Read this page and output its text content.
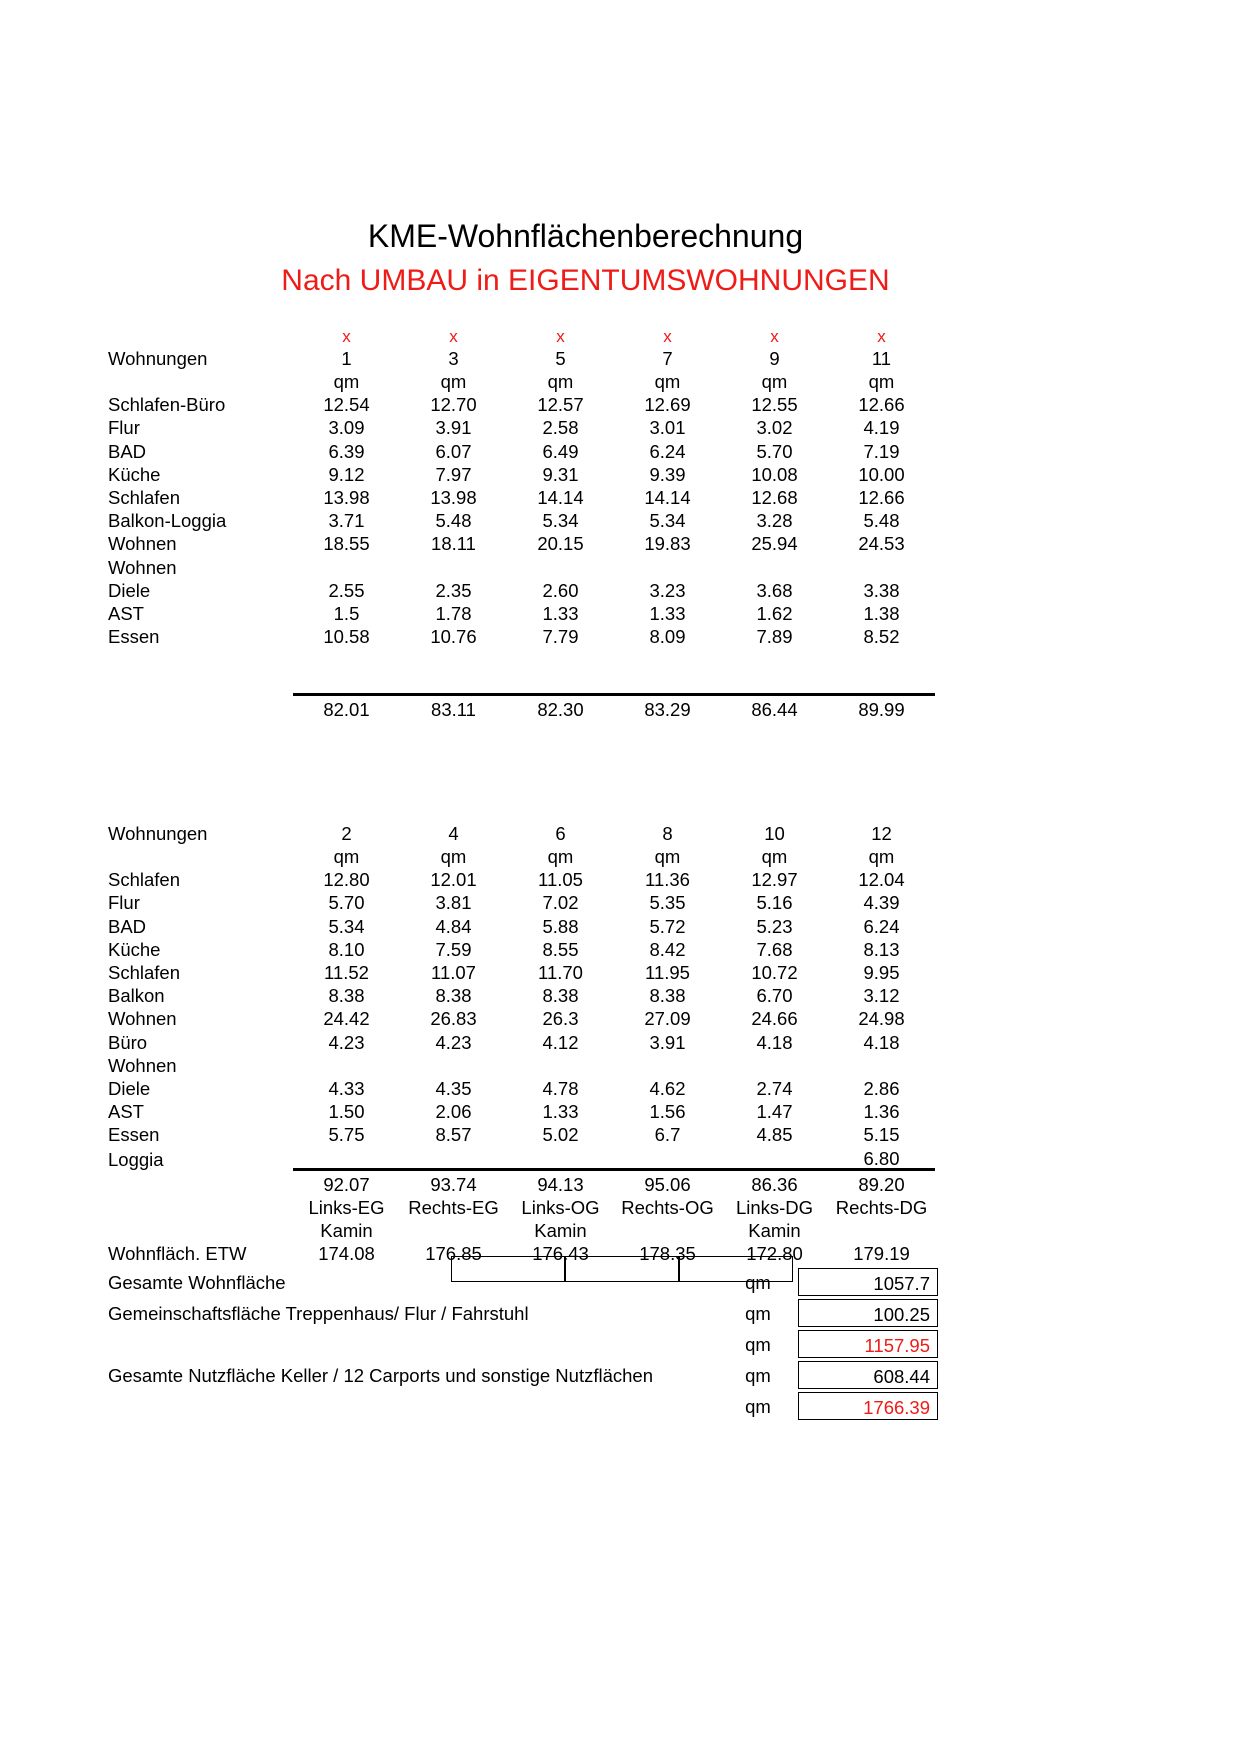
KME-Wohnflächenberechnung
Nach UMBAU in EIGENTUMSWOHNUNGEN
	x	x	x	x	x	x
Wohnungen	1	3	5	7	9	11
	qm	qm	qm	qm	qm	qm
Schlafen-Büro	12.54	12.70	12.57	12.69	12.55	12.66
Flur	3.09	3.91	2.58	3.01	3.02	4.19
BAD	6.39	6.07	6.49	6.24	5.70	7.19
Küche	9.12	7.97	9.31	9.39	10.08	10.00
Schlafen	13.98	13.98	14.14	14.14	12.68	12.66
Balkon-Loggia	3.71	5.48	5.34	5.34	3.28	5.48
Wohnen	18.55	18.11	20.15	19.83	25.94	24.53
Wohnen						
Diele	2.55	2.35	2.60	3.23	3.68	3.38
AST	1.5	1.78	1.33	1.33	1.62	1.38
Essen	10.58	10.76	7.79	8.09	7.89	8.52

	82.01	83.11	82.30	83.29	86.44	89.99

Wohnungen	2	4	6	8	10	12
	qm	qm	qm	qm	qm	qm
Schlafen	12.80	12.01	11.05	11.36	12.97	12.04
Flur	5.70	3.81	7.02	5.35	5.16	4.39
BAD	5.34	4.84	5.88	5.72	5.23	6.24
Küche	8.10	7.59	8.55	8.42	7.68	8.13
Schlafen	11.52	11.07	11.70	11.95	10.72	9.95
Balkon	8.38	8.38	8.38	8.38	6.70	3.12
Wohnen	24.42	26.83	26.3	27.09	24.66	24.98
Büro	4.23	4.23	4.12	3.91	4.18	4.18
Wohnen						
Diele	4.33	4.35	4.78	4.62	2.74	2.86
AST	1.50	2.06	1.33	1.56	1.47	1.36
Essen	5.75	8.57	5.02	6.7	4.85	5.15
Loggia						6.80
	92.07	93.74	94.13	95.06	86.36	89.20
	Links-EG	Rechts-EG	Links-OG	Rechts-OG	Links-DG	Rechts-DG
	Kamin		Kamin		Kamin	
Wohnfläch. ETW	174.08	176.85	176.43	178.35	172.80	179.19
Gesamte Wohnfläche	qm	1057.7
Gemeinschaftsfläche Treppenhaus/ Flur / Fahrstuhl	qm	100.25
qm	1157.95
Gesamte Nutzfläche Keller / 12 Carports und sonstige Nutzflächen	qm	608.44
qm	1766.39
